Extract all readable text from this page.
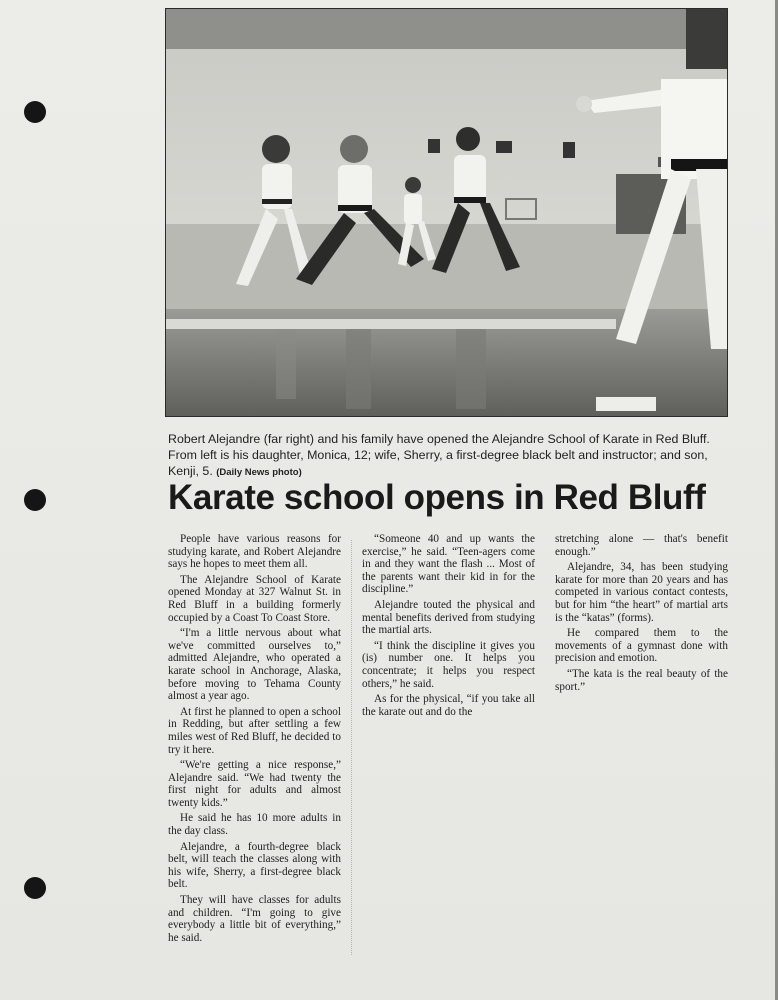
Robert Alejandre (far right) and his family have opened the Alejandre School of Karate in Red Bluff. From left is his daughter, Monica, 12; wife, Sherry, a first-degree black belt and instructor; and son, Kenji, 5. (Daily News photo)

Karate school opens in Red Bluff

People have various reasons for studying karate, and Robert Alejandre says he hopes to meet them all.

The Alejandre School of Karate opened Monday at 327 Walnut St. in Red Bluff in a building formerly occupied by a Coast To Coast Store.

“I'm a little nervous about what we've committed ourselves to,” admitted Alejandre, who operated a karate school in Anchorage, Alaska, before moving to Tehama County almost a year ago.

At first he planned to open a school in Redding, but after settling a few miles west of Red Bluff, he decided to try it here.

“We're getting a nice response,” Alejandre said. “We had twenty the first night for adults and almost twenty kids.”

He said he has 10 more adults in the day class.

Alejandre, a fourth-degree black belt, will teach the classes along with his wife, Sherry, a first-degree black belt.

They will have classes for adults and children. “I'm going to give everybody a little bit of everything,” he said.

“Someone 40 and up wants the exercise,” he said. “Teen-agers come in and they want the flash ... Most of the parents want their kid in for the discipline.”

Alejandre touted the physical and mental benefits derived from studying the martial arts.

“I think the discipline it gives you (is) number one. It helps you concentrate; it helps you respect others,” he said.

As for the physical, “if you take all the karate out and do the

stretching alone — that's benefit enough.”

Alejandre, 34, has been studying karate for more than 20 years and has competed in various contact contests, but for him “the heart” of martial arts is the “katas” (forms).

He compared them to the movements of a gymnast done with precision and emotion.

“The kata is the real beauty of the sport.”
